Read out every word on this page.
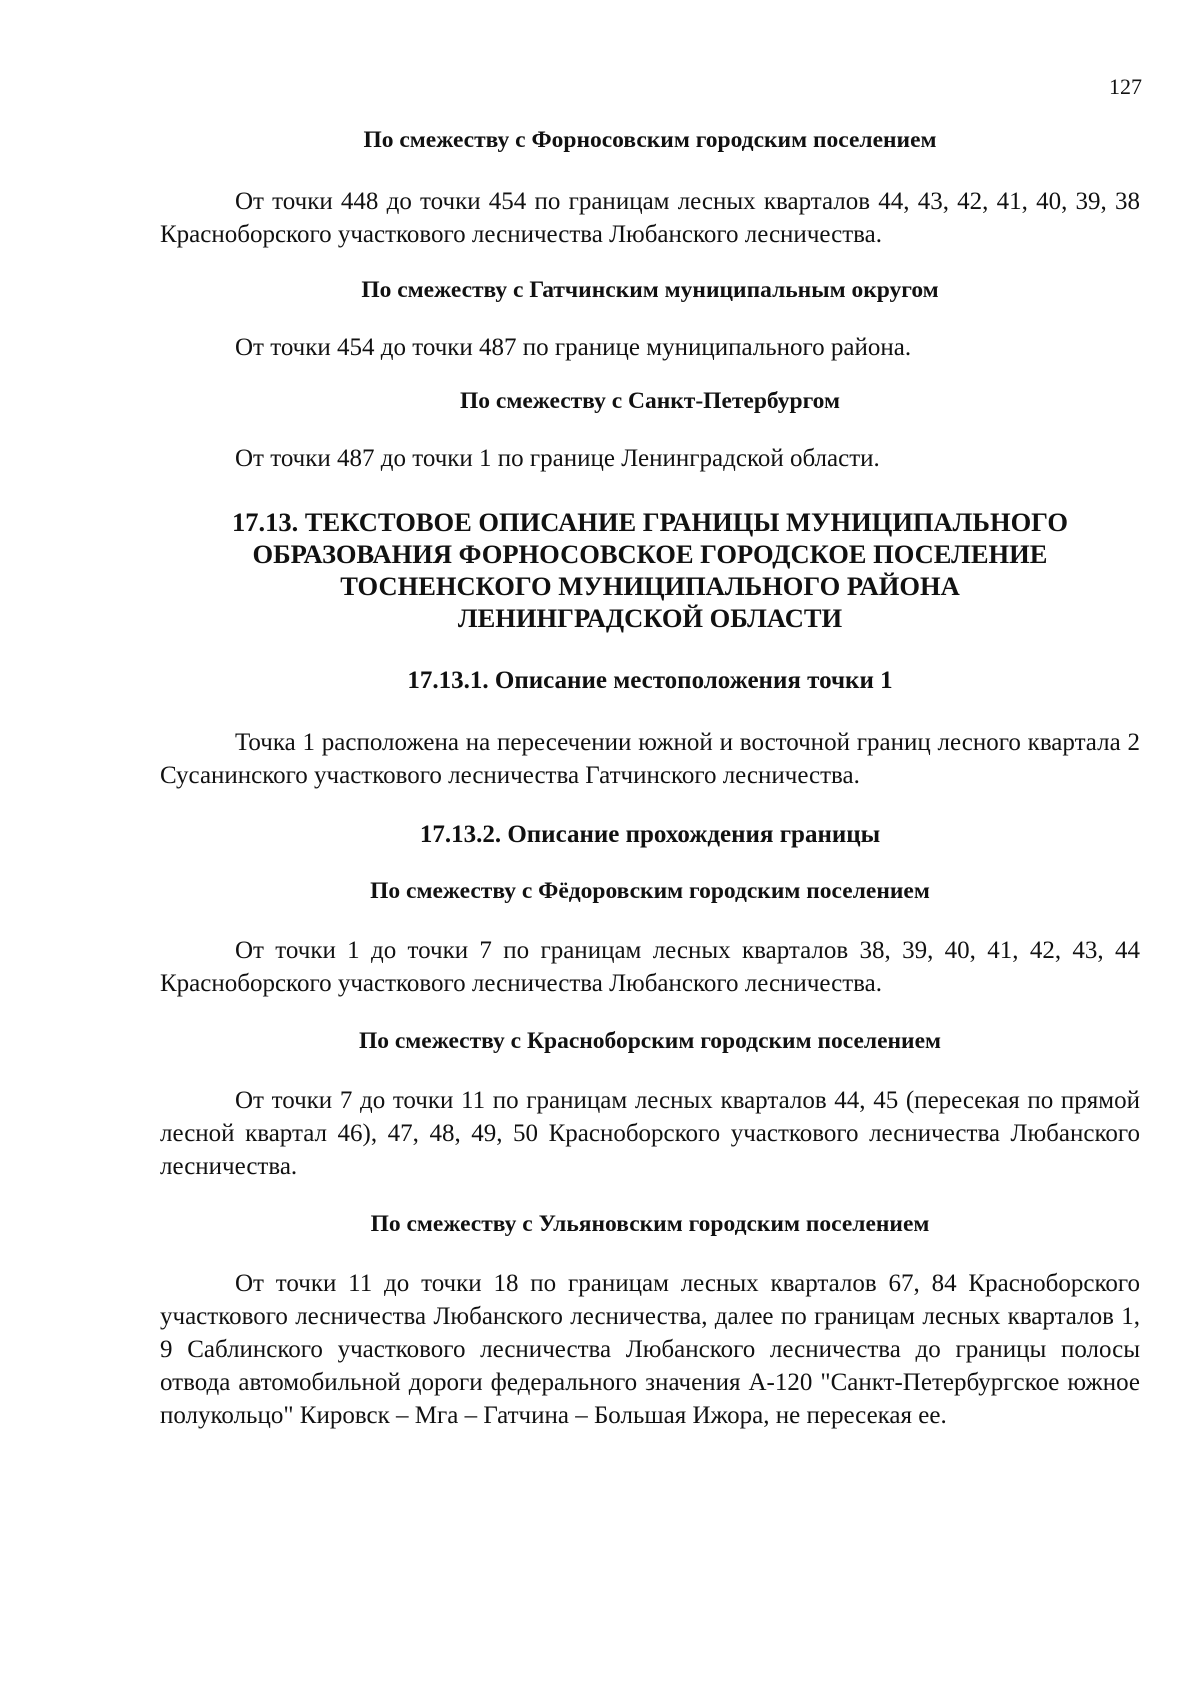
127

По смежеству с Форносовским городским поселением

От точки 448 до точки 454 по границам лесных кварталов 44, 43, 42, 41, 40, 39, 38 Красноборского участкового лесничества Любанского лесничества.

По смежеству с Гатчинским муниципальным округом

От точки 454 до точки 487 по границе муниципального района.

По смежеству с Санкт-Петербургом

От точки 487 до точки 1 по границе Ленинградской области.

17.13. ТЕКСТОВОЕ ОПИСАНИЕ ГРАНИЦЫ МУНИЦИПАЛЬНОГО
ОБРАЗОВАНИЯ ФОРНОСОВСКОЕ ГОРОДСКОЕ ПОСЕЛЕНИЕ
ТОСНЕНСКОГО МУНИЦИПАЛЬНОГО РАЙОНА
ЛЕНИНГРАДСКОЙ ОБЛАСТИ

17.13.1. Описание местоположения точки 1

Точка 1 расположена на пересечении южной и восточной границ лесного квартала 2 Сусанинского участкового лесничества Гатчинского лесничества.

17.13.2. Описание прохождения границы

По смежеству с Фёдоровским городским поселением

От точки 1 до точки 7 по границам лесных кварталов 38, 39, 40, 41, 42, 43, 44 Красноборского участкового лесничества Любанского лесничества.

По смежеству с Красноборским городским поселением

От точки 7 до точки 11 по границам лесных кварталов 44, 45 (пересекая по прямой лесной квартал 46), 47, 48, 49, 50 Красноборского участкового лесничества Любанского лесничества.

По смежеству с Ульяновским городским поселением

От точки 11 до точки 18 по границам лесных кварталов 67, 84 Красноборского участкового лесничества Любанского лесничества, далее по границам лесных кварталов 1, 9 Саблинского участкового лесничества Любанского лесничества до границы полосы отвода автомобильной дороги федерального значения А-120 "Санкт-Петербургское южное полукольцо" Кировск – Мга – Гатчина – Большая Ижора, не пересекая ее.
